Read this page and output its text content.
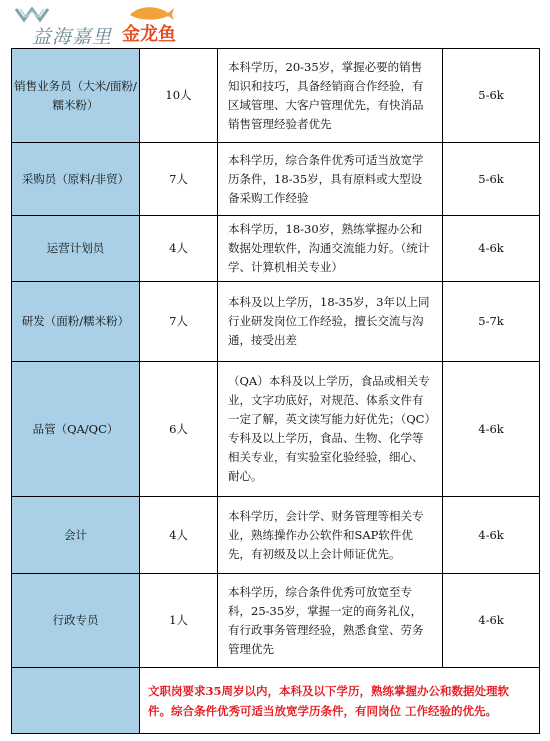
益海嘉里 金龙鱼
销售业务员（大米/面粉/糯米粉）	10人	本科学历，20-35岁，掌握必要的销售知识和技巧，具备经销商合作经验，有区域管理、大客户管理优先，有快消品销售管理经验者优先	5-6k
采购员（原料/非贸）	7人	本科学历，综合条件优秀可适当放宽学历条件，18-35岁，具有原料或大型设备采购工作经验	5-6k
运营计划员	4人	本科学历，18-30岁，熟练掌握办公和数据处理软件，沟通交流能力好。（统计学、计算机相关专业）	4-6k
研发（面粉/糯米粉）	7人	本科及以上学历，18-35岁，3年以上同行业研发岗位工作经验，擅长交流与沟通，接受出差	5-7k
品管（QA/QC）	6人	（QA）本科及以上学历，食品或相关专业，文字功底好，对规范、体系文件有一定了解，英文读写能力好优先；（QC）专科及以上学历，食品、生物、化学等相关专业，有实验室化验经验，细心、耐心。	4-6k
会计	4人	本科学历，会计学、财务管理等相关专业，熟练操作办公软件和SAP软件优先，有初级及以上会计师证优先。	4-6k
行政专员	1人	本科学历，综合条件优秀可放宽至专科，25-35岁，掌握一定的商务礼仪，有行政事务管理经验，熟悉食堂、劳务管理优先	4-6k
	文职岗要求35周岁以内，本科及以下学历，熟练掌握办公和数据处理软件。综合条件优秀可适当放宽学历条件，有同岗位 工作经验的优先。		
